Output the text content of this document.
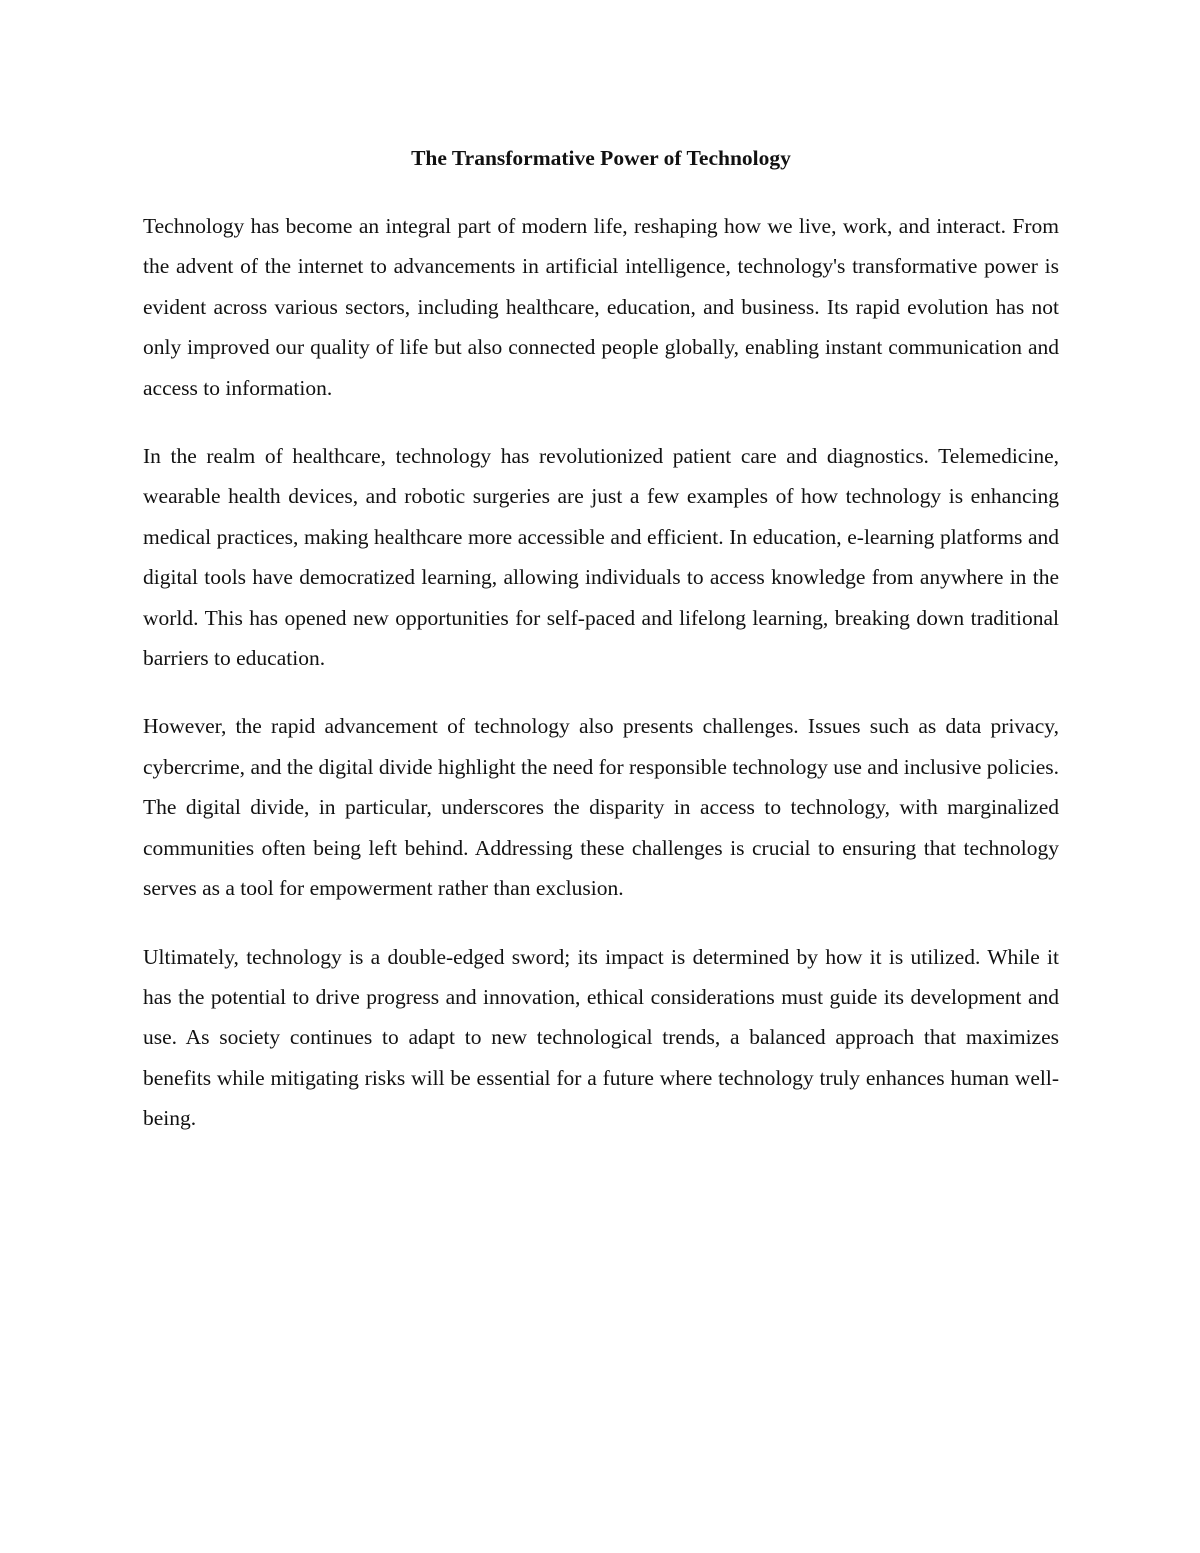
The Transformative Power of Technology

Technology has become an integral part of modern life, reshaping how we live, work, and interact. From the advent of the internet to advancements in artificial intelligence, technology's transformative power is evident across various sectors, including healthcare, education, and business. Its rapid evolution has not only improved our quality of life but also connected people globally, enabling instant communication and access to information.

In the realm of healthcare, technology has revolutionized patient care and diagnostics. Telemedicine, wearable health devices, and robotic surgeries are just a few examples of how technology is enhancing medical practices, making healthcare more accessible and efficient. In education, e-learning platforms and digital tools have democratized learning, allowing individuals to access knowledge from anywhere in the world. This has opened new opportunities for self-paced and lifelong learning, breaking down traditional barriers to education.

However, the rapid advancement of technology also presents challenges. Issues such as data privacy, cybercrime, and the digital divide highlight the need for responsible technology use and inclusive policies. The digital divide, in particular, underscores the disparity in access to technology, with marginalized communities often being left behind. Addressing these challenges is crucial to ensuring that technology serves as a tool for empowerment rather than exclusion.

Ultimately, technology is a double-edged sword; its impact is determined by how it is utilized. While it has the potential to drive progress and innovation, ethical considerations must guide its development and use. As society continues to adapt to new technological trends, a balanced approach that maximizes benefits while mitigating risks will be essential for a future where technology truly enhances human well-being.
